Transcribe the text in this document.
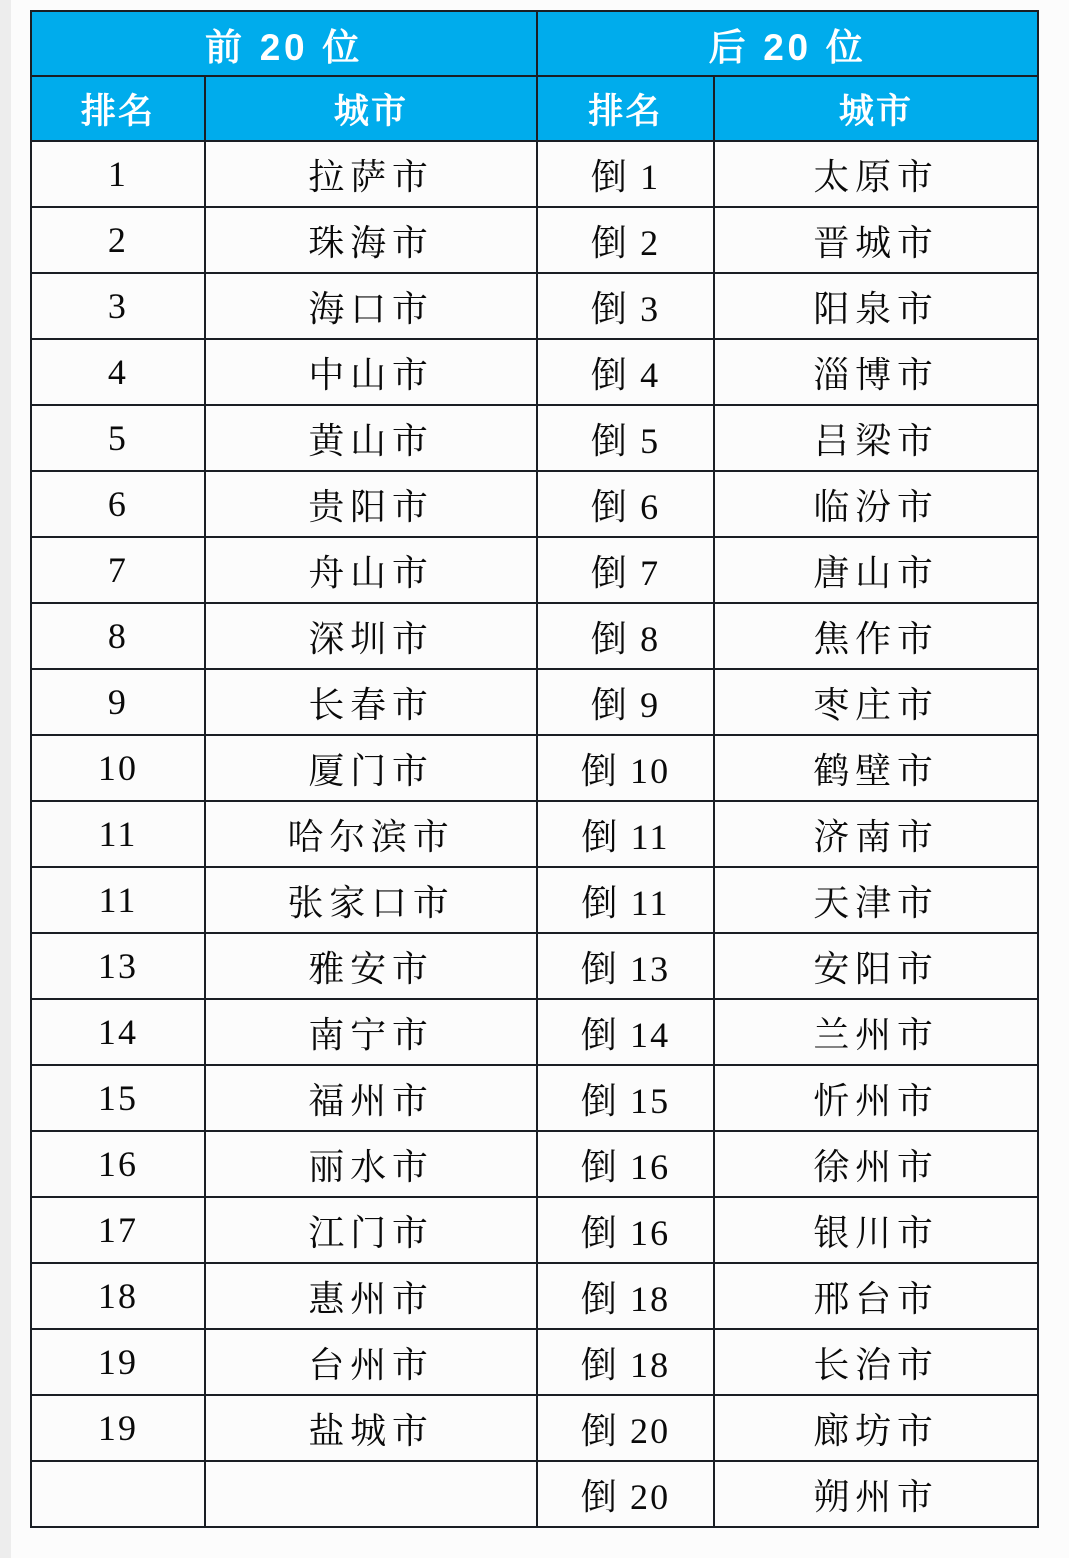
前 20 位		后 20 位	
排名	城市	排名	城市
1	拉萨市	倒 1	太原市
2	珠海市	倒 2	晋城市
3	海口市	倒 3	阳泉市
4	中山市	倒 4	淄博市
5	黄山市	倒 5	吕梁市
6	贵阳市	倒 6	临汾市
7	舟山市	倒 7	唐山市
8	深圳市	倒 8	焦作市
9	长春市	倒 9	枣庄市
10	厦门市	倒 10	鹤壁市
11	哈尔滨市	倒 11	济南市
11	张家口市	倒 11	天津市
13	雅安市	倒 13	安阳市
14	南宁市	倒 14	兰州市
15	福州市	倒 15	忻州市
16	丽水市	倒 16	徐州市
17	江门市	倒 16	银川市
18	惠州市	倒 18	邢台市
19	台州市	倒 18	长治市
19	盐城市	倒 20	廊坊市
		倒 20	朔州市
